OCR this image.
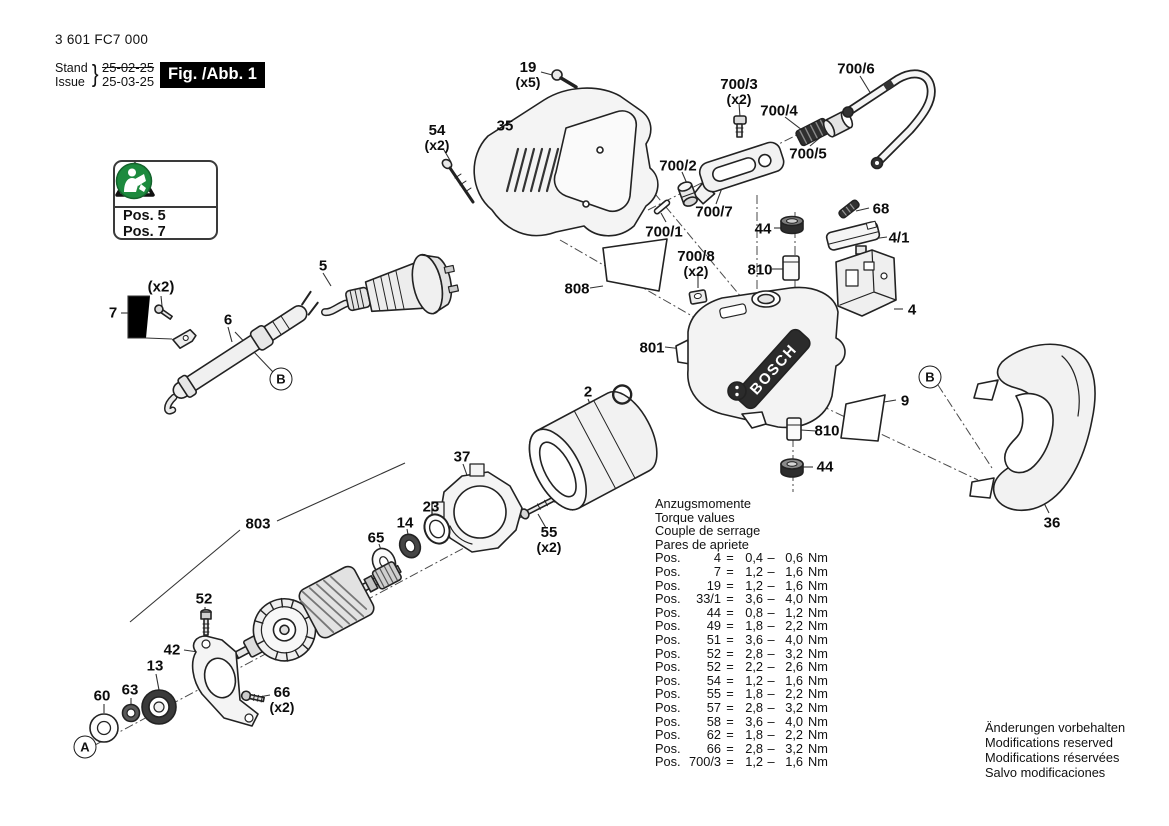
BOSCH
3 601 FC7 000
Stand
Issue } 25-02-25
25-03-25 Fig. /Abb. 1
Pos. 5
Pos. 7
Anzugsmomente
Torque values
Couple de serrage
Pares de apriete
Pos.	4 = 0,4 – 0,6 Nm
Pos.	7 = 1,2 – 1,6 Nm
Pos.	19 = 1,2 – 1,6 Nm
Pos.	33/1 = 3,6 – 4,0 Nm
Pos.	44 = 0,8 – 1,2 Nm
Pos.	49 = 1,8 – 2,2 Nm
Pos.	51 = 3,6 – 4,0 Nm
Pos.	52 = 2,8 – 3,2 Nm
Pos.	52 = 2,2 – 2,6 Nm
Pos.	54 = 1,2 – 1,6 Nm
Pos.	55 = 1,8 – 2,2 Nm
Pos.	57 = 2,8 – 3,2 Nm
Pos.	58 = 3,6 – 4,0 Nm
Pos.	62 = 1,8 – 2,2 Nm
Pos.	66 = 2,8 – 3,2 Nm
Pos. 700/3 = 1,2 – 1,6 Nm
Änderungen vorbehalten
Modifications reserved
Modifications réservées
Salvo modificaciones
19
(x5)
54
(x2)
35
700/3
(x2)
700/4
700/6
700/5
700/2
700/7
700/1
68
44
4/1
810
700/8
(x2)
808
4
801
5
7
(x2)
6
2
9
810
44
36
37
23
14
65	55
(x2)
803
52
42
13
63
60	66
(x2)
A
B	B
